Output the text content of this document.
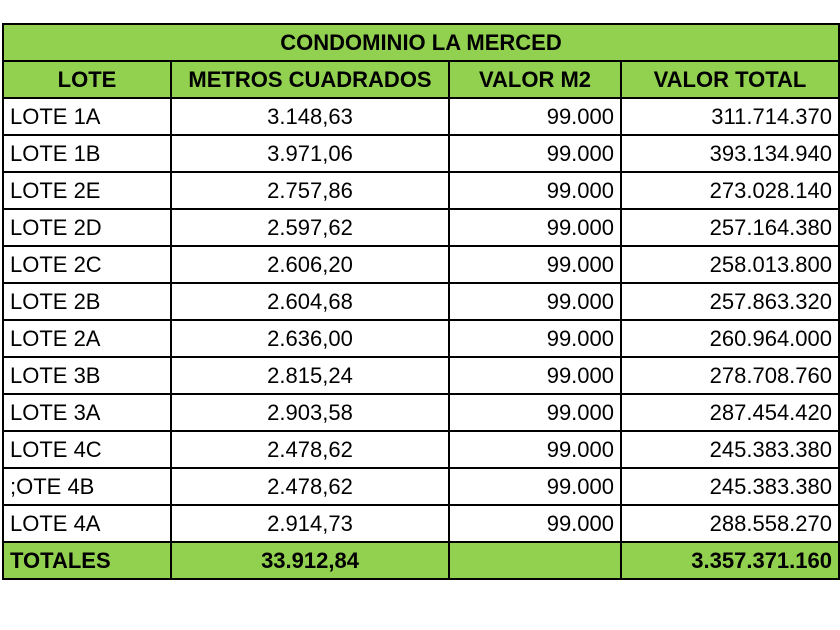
CONDOMINIO LA MERCED			
LOTE	METROS CUADRADOS	VALOR M2	VALOR TOTAL
LOTE 1A	3.148,63	99.000	311.714.370
LOTE 1B	3.971,06	99.000	393.134.940
LOTE 2E	2.757,86	99.000	273.028.140
LOTE 2D	2.597,62	99.000	257.164.380
LOTE 2C	2.606,20	99.000	258.013.800
LOTE 2B	2.604,68	99.000	257.863.320
LOTE 2A	2.636,00	99.000	260.964.000
LOTE 3B	2.815,24	99.000	278.708.760
LOTE 3A	2.903,58	99.000	287.454.420
LOTE 4C	2.478,62	99.000	245.383.380
;OTE 4B	2.478,62	99.000	245.383.380
LOTE 4A	2.914,73	99.000	288.558.270
TOTALES	33.912,84		3.357.371.160
